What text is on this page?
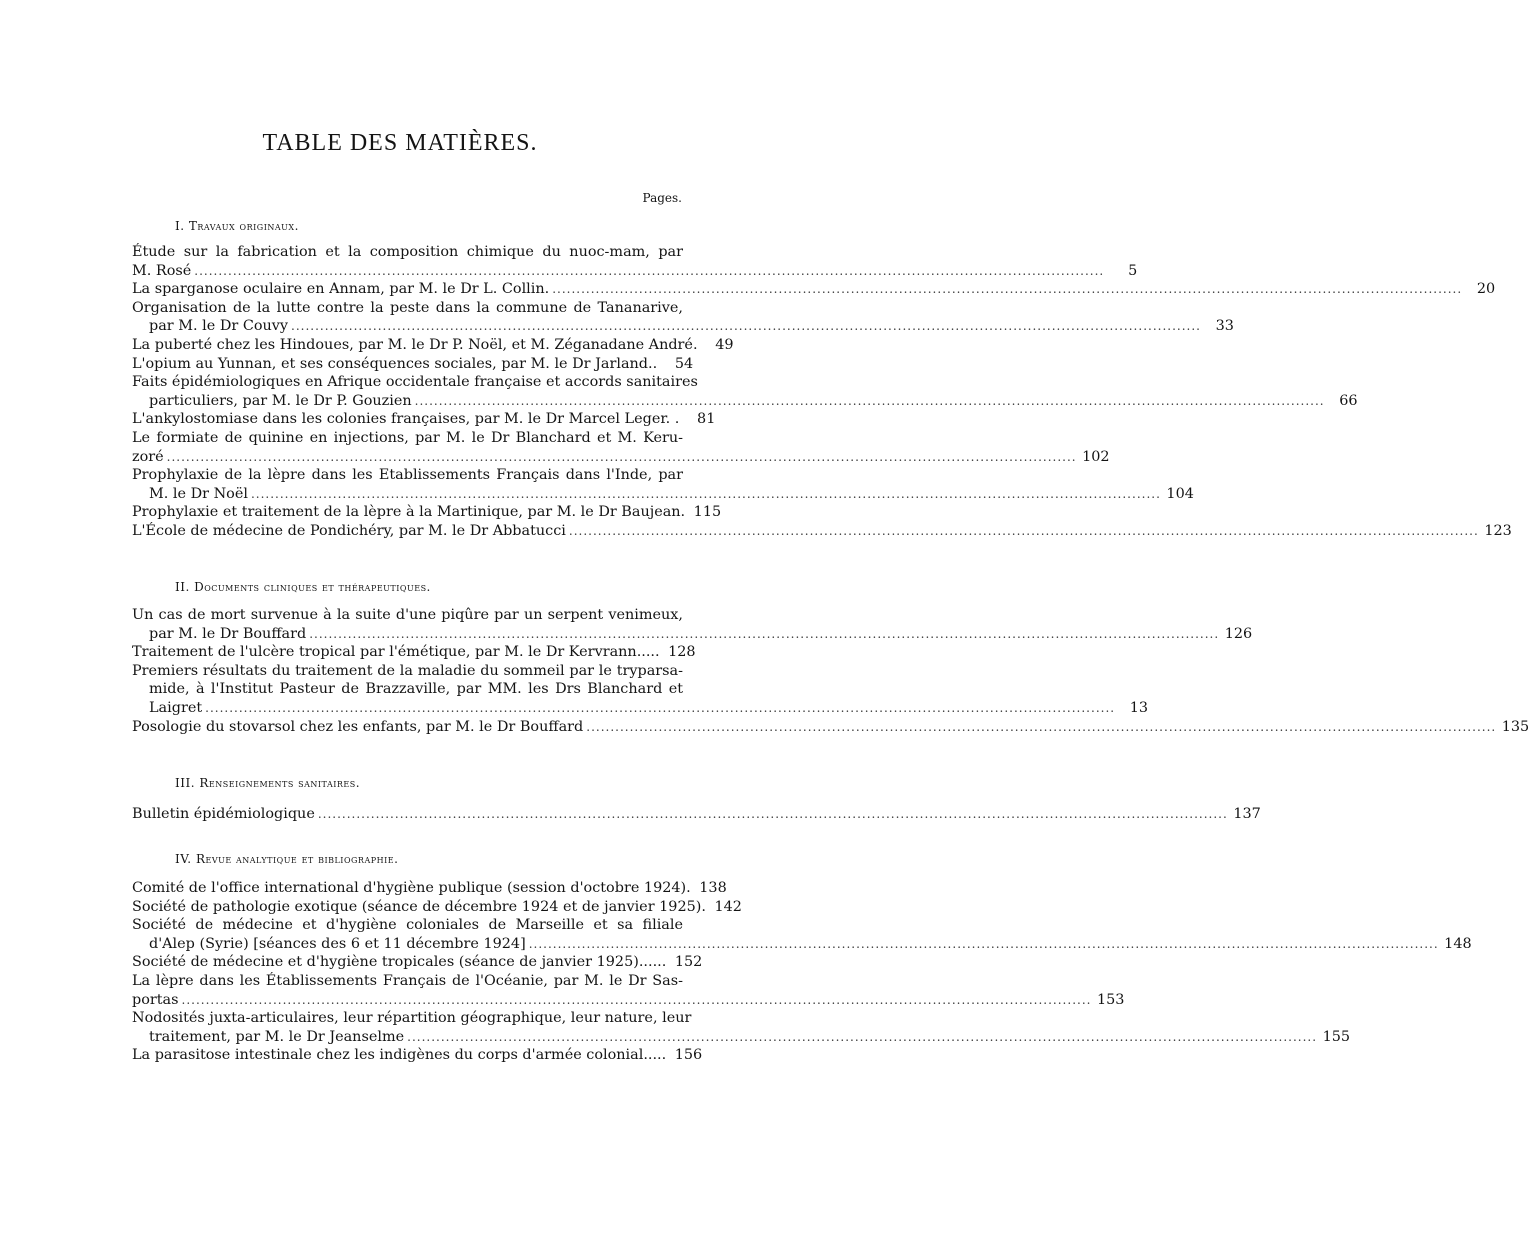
TABLE DES MATIÈRES.
Pages.
I. Travaux originaux.
Étude sur la fabrication et la composition chimique du nuoc-mam, par
M. Rosé .....	5
La sparganose oculaire en Annam, par M. le Dr L. Collin. .....	20
Organisation de la lutte contre la peste dans la commune de Tananarive,
par M. le Dr Couvy .....	33
La puberté chez les Hindoues, par M. le Dr P. Noël, et M. Zéganadane André.	49
L'opium au Yunnan, et ses conséquences sociales, par M. le Dr Jarland..	54
Faits épidémiologiques en Afrique occidentale française et accords sanitaires
particuliers, par M. le Dr P. Gouzien .....	66
L'ankylostomiase dans les colonies françaises, par M. le Dr Marcel Leger. .	81
Le formiate de quinine en injections, par M. le Dr Blanchard et M. Keru-
zoré .....	102
Prophylaxie de la lèpre dans les Etablissements Français dans l'Inde, par
M. le Dr Noël .....	104
Prophylaxie et traitement de la lèpre à la Martinique, par M. le Dr Baujean. 115
L'École de médecine de Pondichéry, par M. le Dr Abbatucci .....	123
II. Documents cliniques et thérapeutiques.
Un cas de mort survenue à la suite d'une piqûre par un serpent venimeux,
par M. le Dr Bouffard .....	126
Traitement de l'ulcère tropical par l'émétique, par M. le Dr Kervrann..... 128
Premiers résultats du traitement de la maladie du sommeil par le tryparsa-
mide, à l'Institut Pasteur de Brazzaville, par MM. les Drs Blanchard et
Laigret .....	13
Posologie du stovarsol chez les enfants, par M. le Dr Bouffard .....	135
III. Renseignements sanitaires.
Bulletin épidémiologique .....	137
IV. Revue analytique et bibliographie.
Comité de l'office international d'hygiène publique (session d'octobre 1924). 138
Société de pathologie exotique (séance de décembre 1924 et de janvier 1925). 142
Société de médecine et d'hygiène coloniales de Marseille et sa filiale
d'Alep (Syrie) [séances des 6 et 11 décembre 1924] .....	148
Société de médecine et d'hygiène tropicales (séance de janvier 1925)...... 152
La lèpre dans les Établissements Français de l'Océanie, par M. le Dr Sas-
portas .....	153
Nodosités juxta-articulaires, leur répartition géographique, leur nature, leur
traitement, par M. le Dr Jeanselme .....	155
La parasitose intestinale chez les indigènes du corps d'armée colonial..... 156
